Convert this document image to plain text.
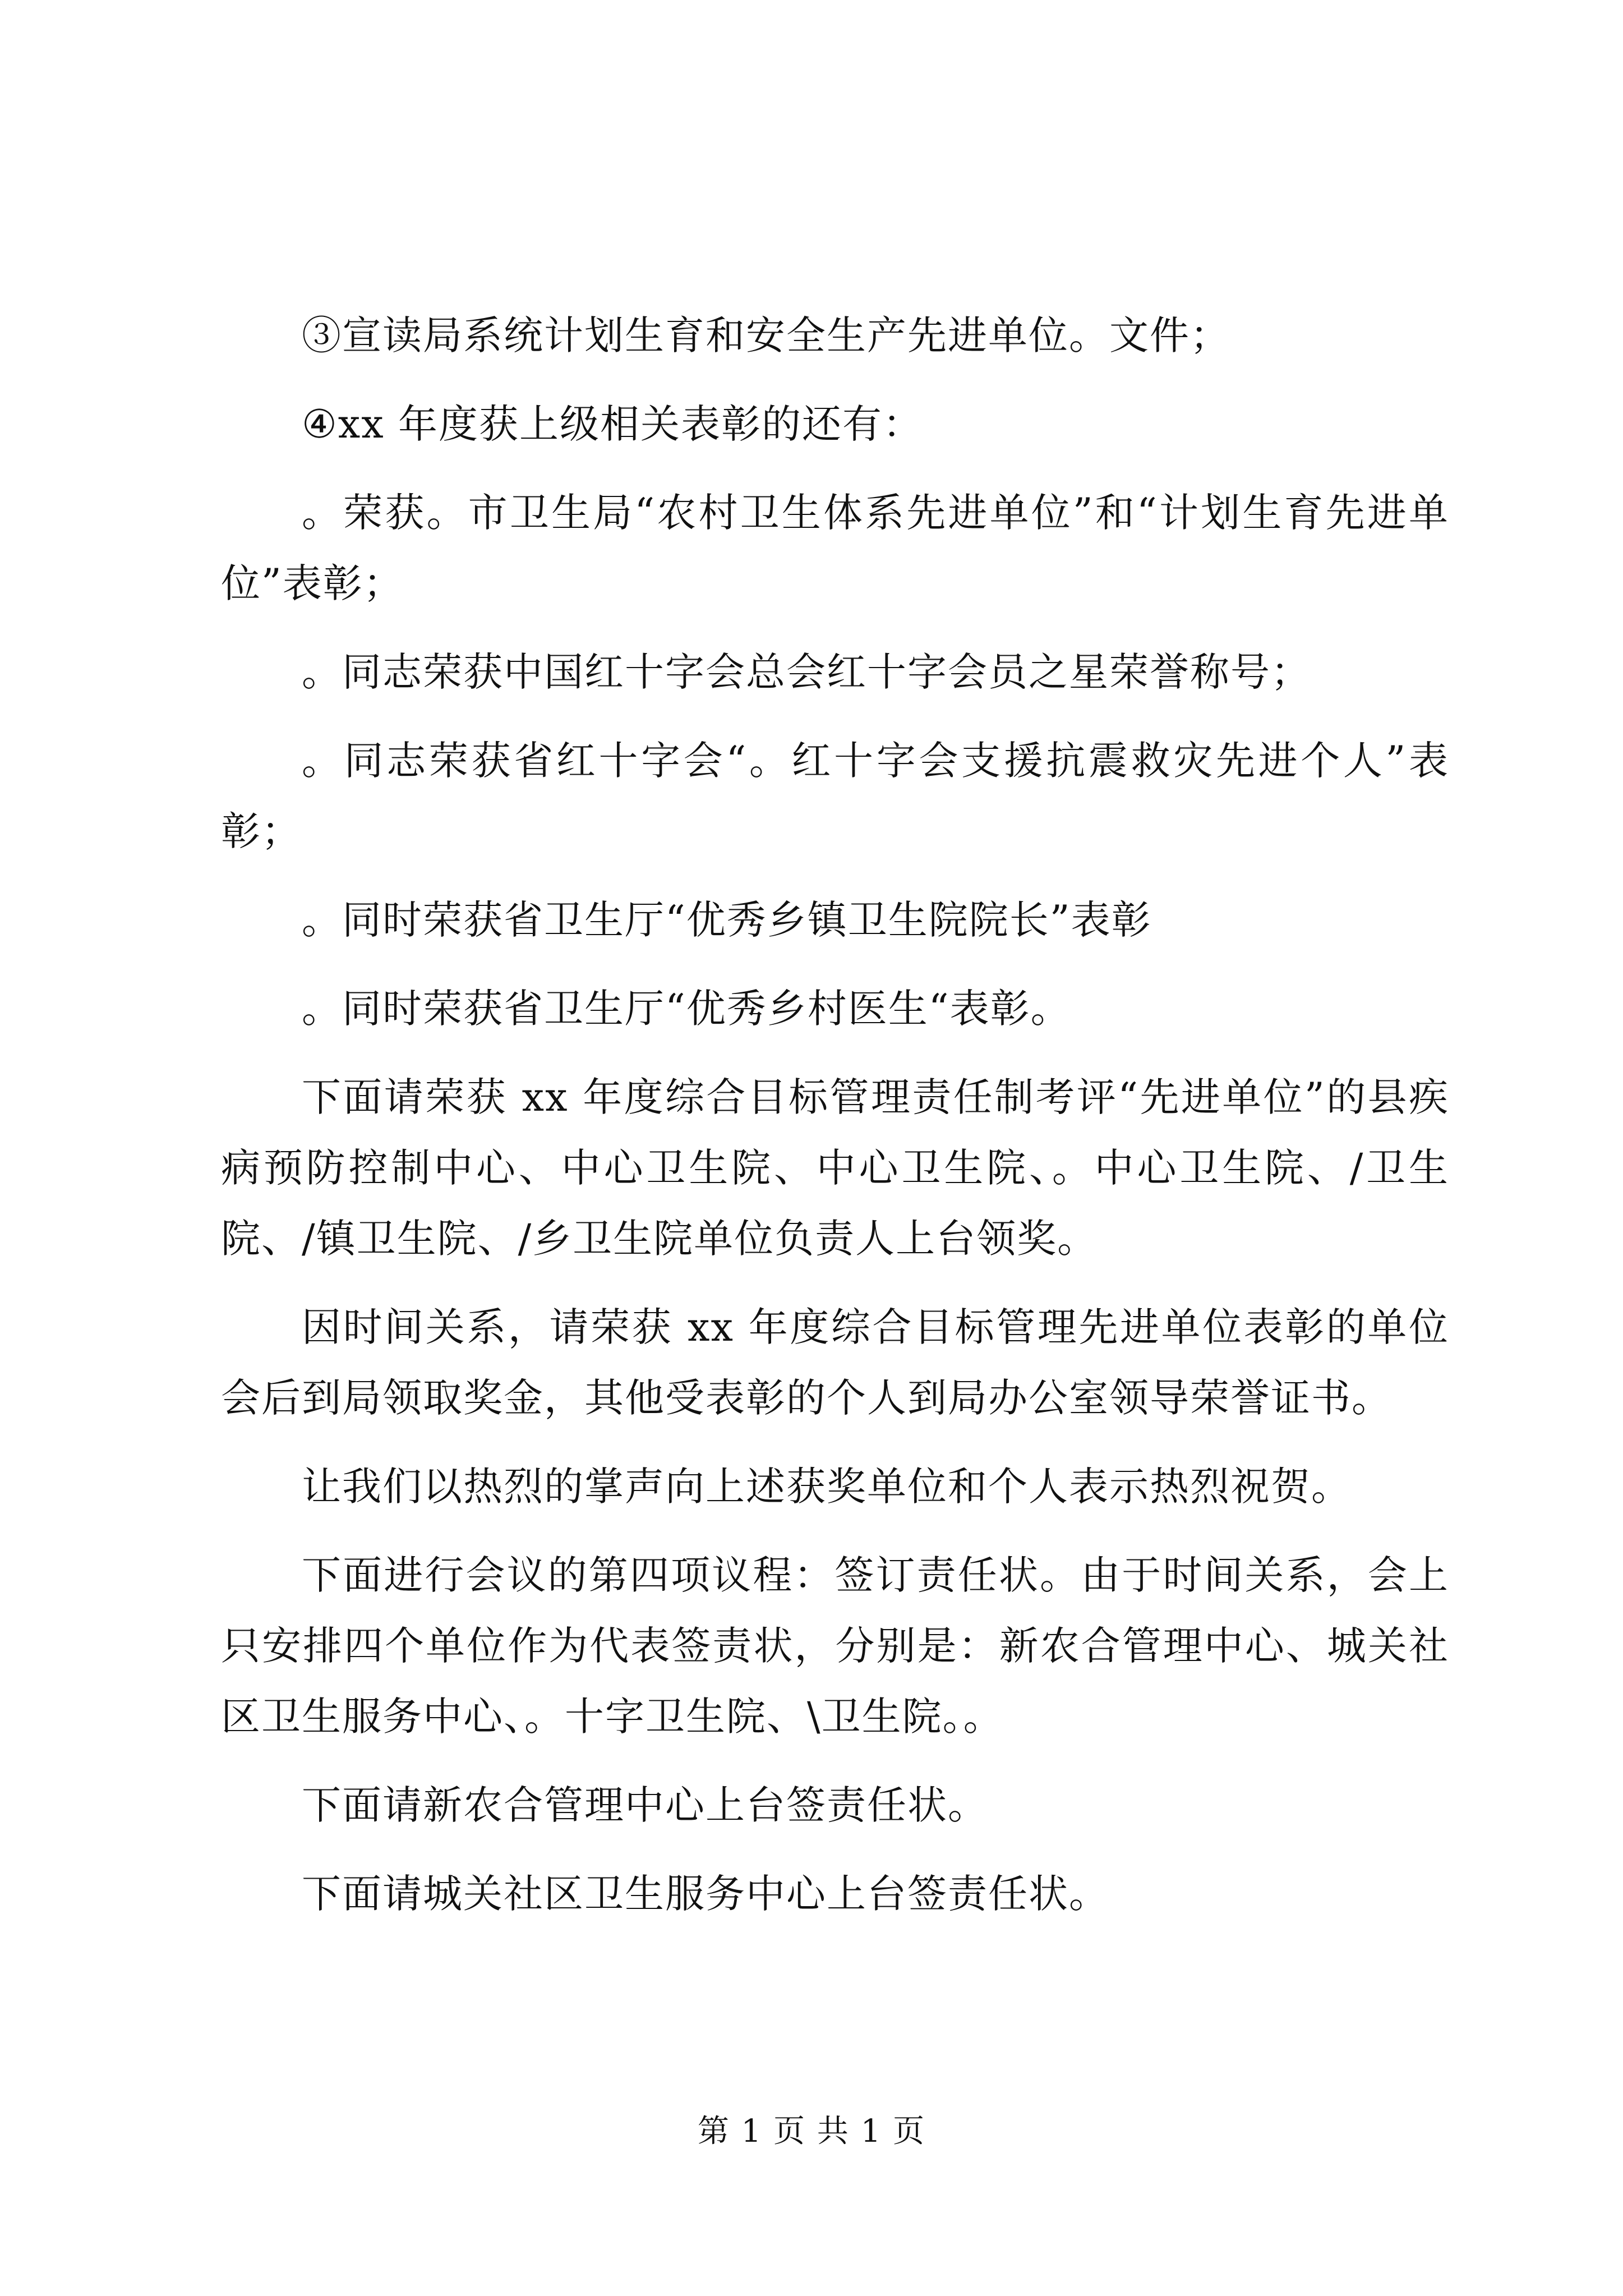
③宣读局系统计划生育和安全生产先进单位。文件；

④xx 年度获上级相关表彰的还有：

。荣获。市卫生局“农村卫生体系先进单位”和“计划生育先进单位”表彰；

。同志荣获中国红十字会总会红十字会员之星荣誉称号；

。同志荣获省红十字会“。红十字会支援抗震救灾先进个人”表彰；

。同时荣获省卫生厅“优秀乡镇卫生院院长”表彰

。同时荣获省卫生厅“优秀乡村医生“表彰。

下面请荣获 xx 年度综合目标管理责任制考评“先进单位”的县疾病预防控制中心、中心卫生院、中心卫生院、。中心卫生院、/卫生院、/镇卫生院、/乡卫生院单位负责人上台领奖。

因时间关系，请荣获 xx 年度综合目标管理先进单位表彰的单位会后到局领取奖金，其他受表彰的个人到局办公室领导荣誉证书。

让我们以热烈的掌声向上述获奖单位和个人表示热烈祝贺。

下面进行会议的第四项议程：签订责任状。由于时间关系，会上只安排四个单位作为代表签责状，分别是：新农合管理中心、城关社区卫生服务中心、。十字卫生院、\卫生院。。

下面请新农合管理中心上台签责任状。

下面请城关社区卫生服务中心上台签责任状。

第 1 页 共 1 页
